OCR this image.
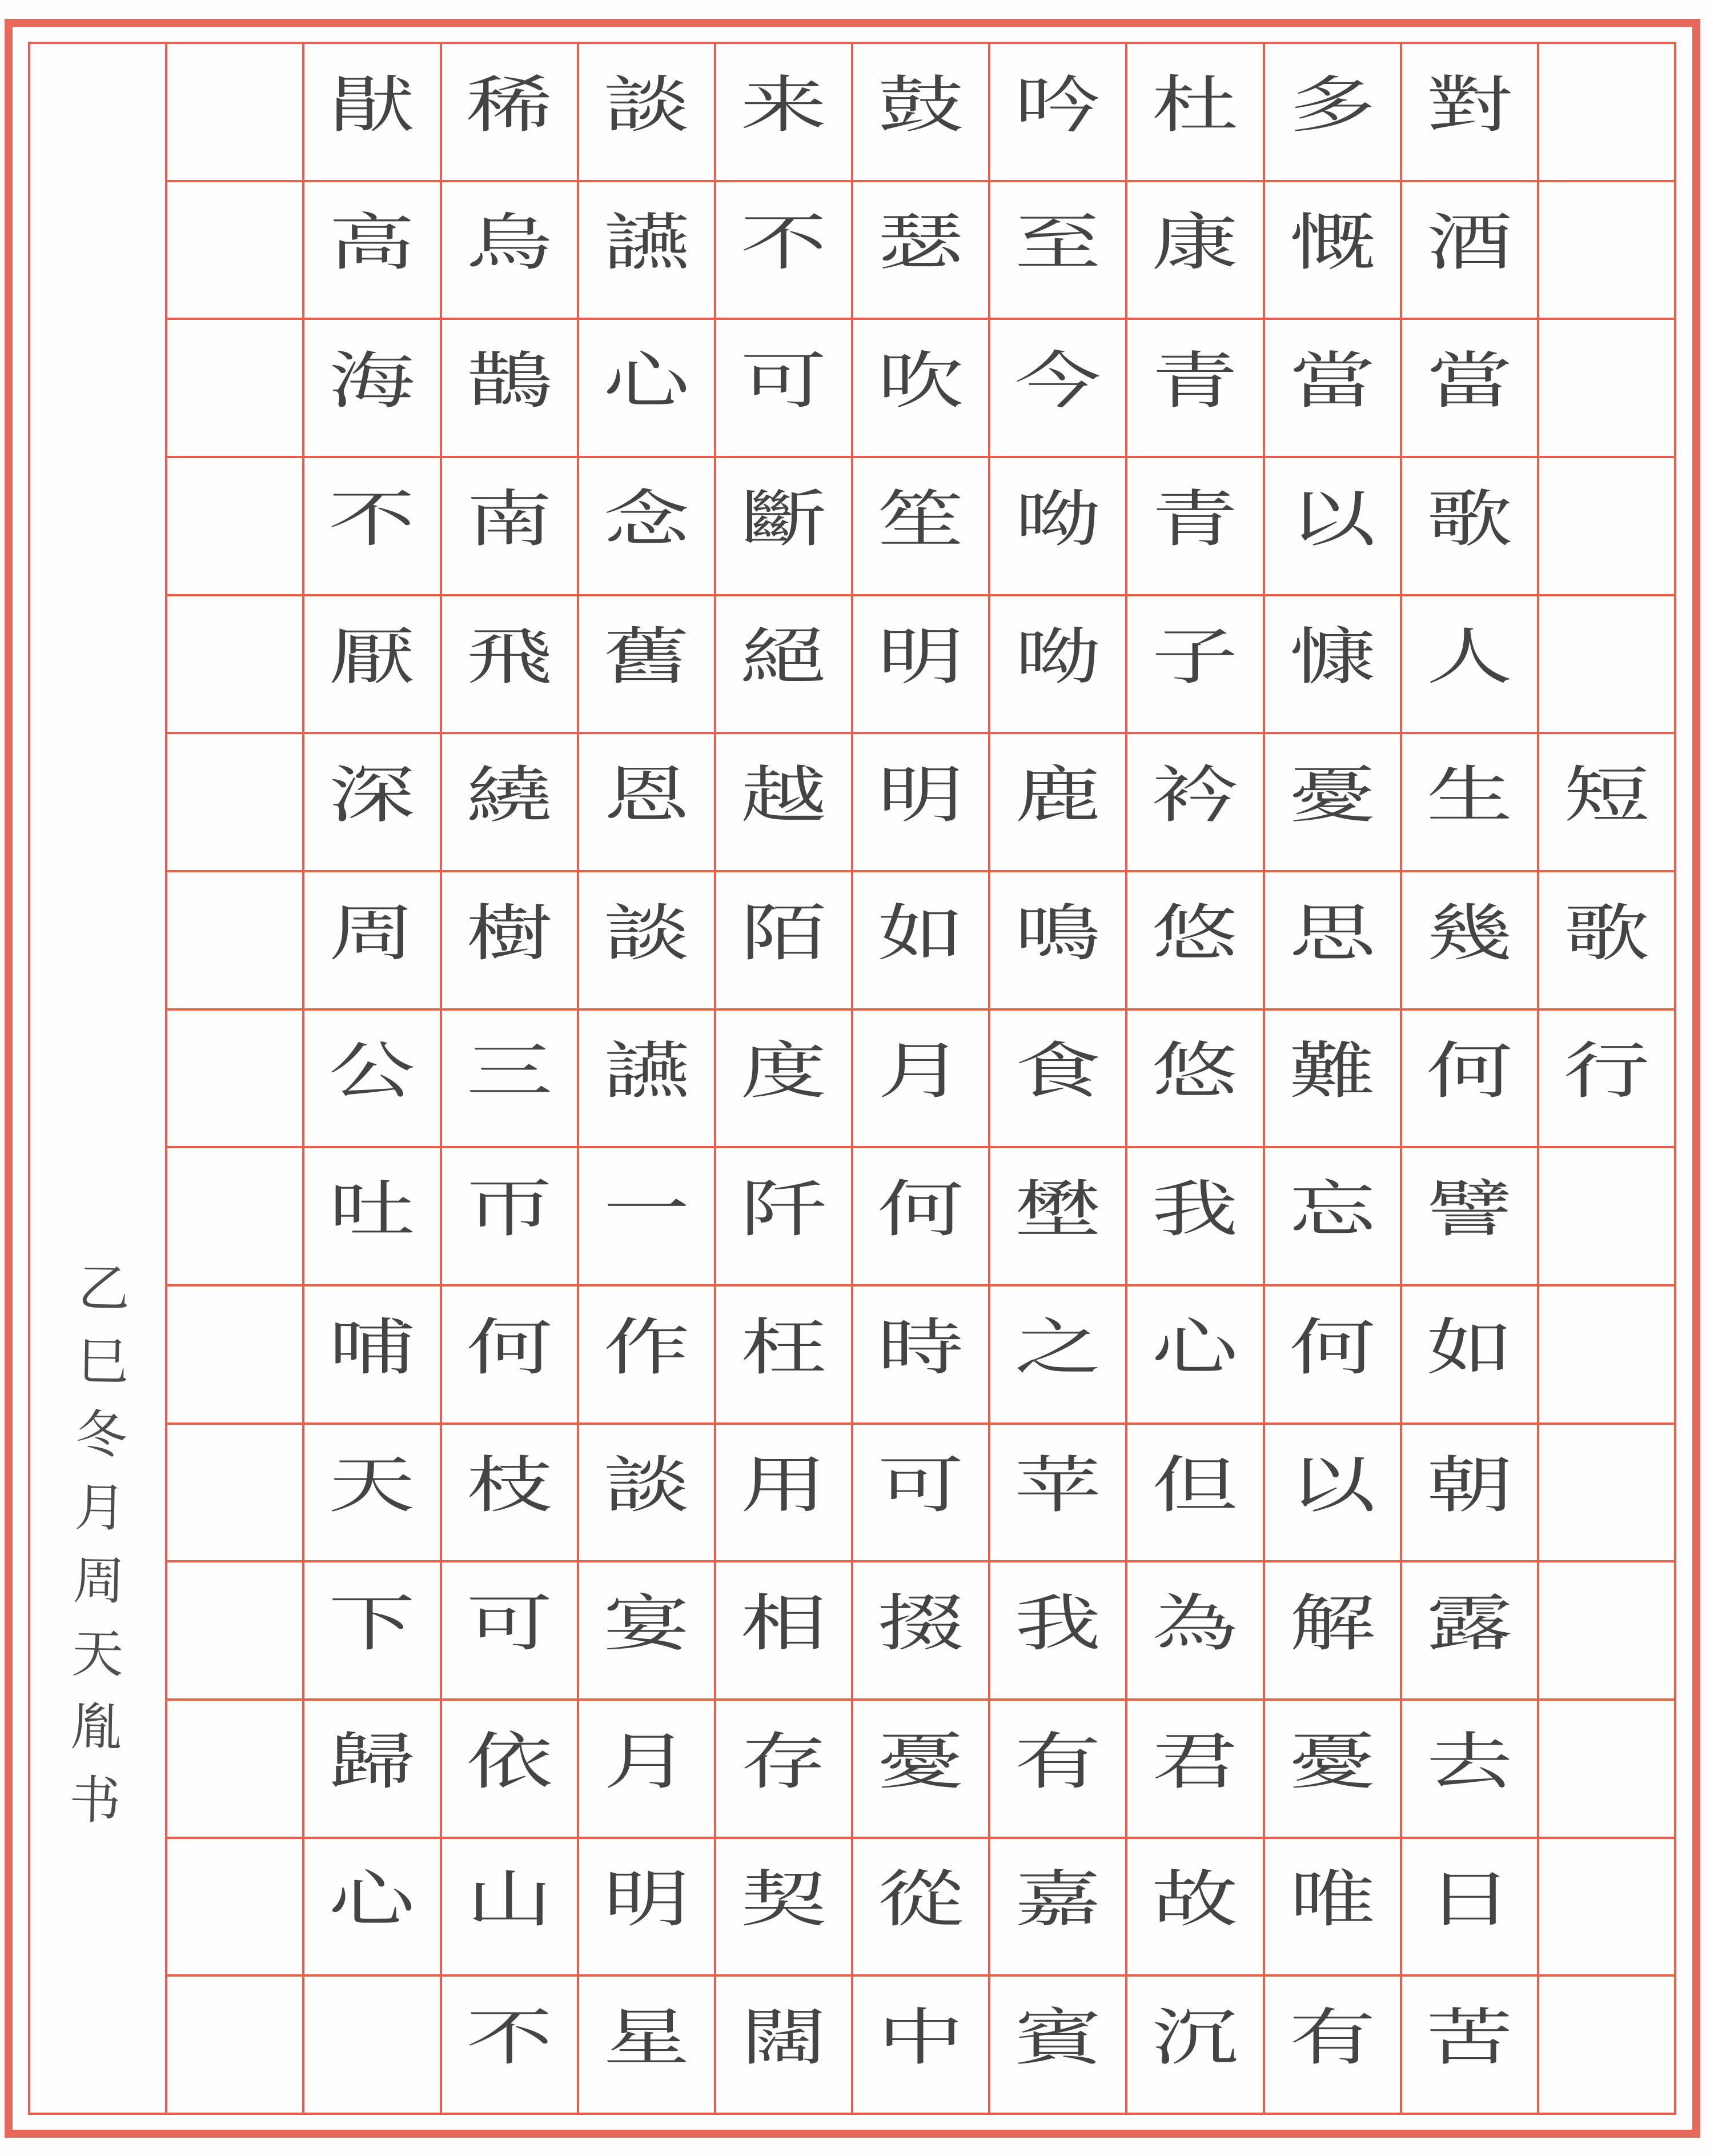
乙巳冬月周天胤书
猒
高
海
不
厭
深
周
公
吐
哺
天
下
歸
心
稀
烏
鵲
南
飛
繞
樹
三
帀
何
枝
可
依
山
不
談
讌
心
念
舊
恩
談
讌
一
作
談
宴
月
明
星
来
不
可
斷
絕
越
陌
度
阡
枉
用
相
存
契
闊
鼓
瑟
吹
笙
明
明
如
月
何
時
可
掇
憂
從
中
吟
至
今
呦
呦
鹿
鳴
食
壄
之
苹
我
有
嘉
賓
杜
康
青
青
子
衿
悠
悠
我
心
但
為
君
故
沉
多
慨
當
以
慷
憂
思
難
忘
何
以
解
憂
唯
有
對
酒
當
歌
人
生
幾
何
譬
如
朝
露
去
日
苦
短
歌
行
